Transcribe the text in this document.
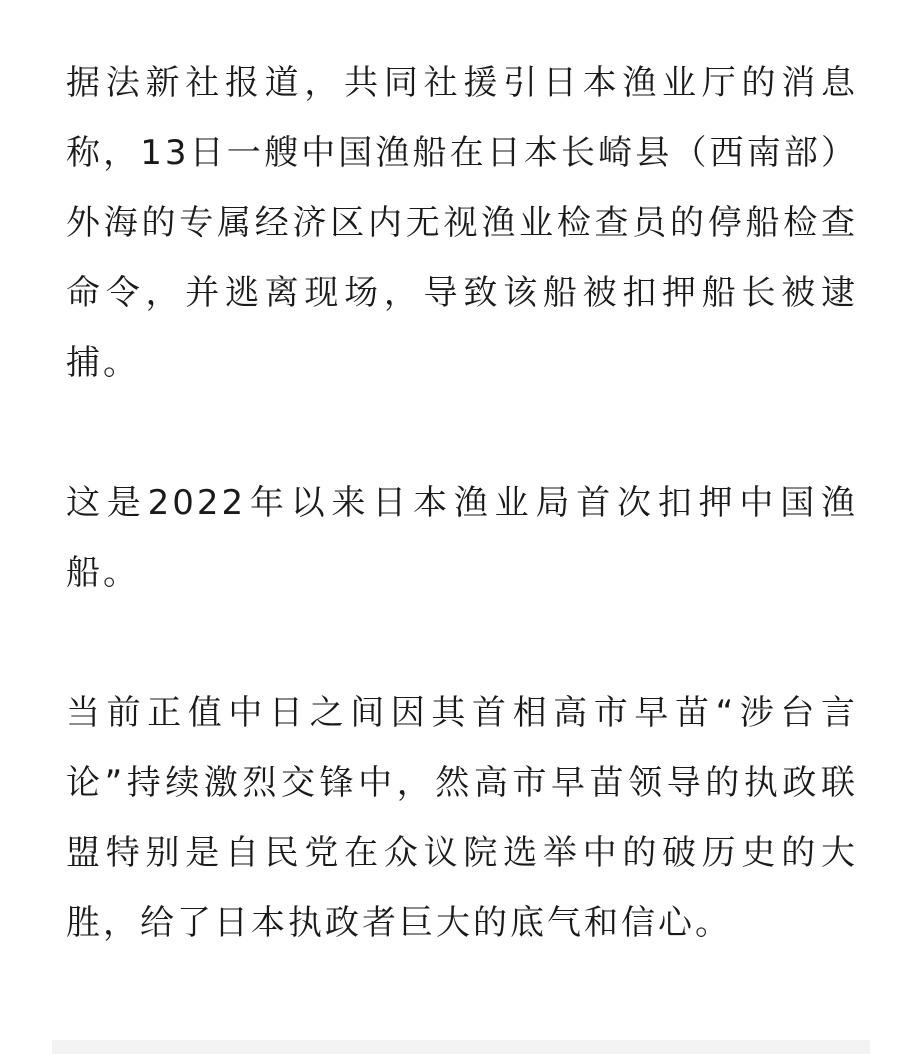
据法新社报道，共同社援引日本渔业厅的消息称，13日一艘中国渔船在日本长崎县（西南部）外海的专属经济区内无视渔业检查员的停船检查命令，并逃离现场，导致该船被扣押船长被逮捕。

这是2022年以来日本渔业局首次扣押中国渔船。

当前正值中日之间因其首相高市早苗“涉台言论”持续激烈交锋中，然高市早苗领导的执政联盟特别是自民党在众议院选举中的破历史的大胜，给了日本执政者巨大的底气和信心。
